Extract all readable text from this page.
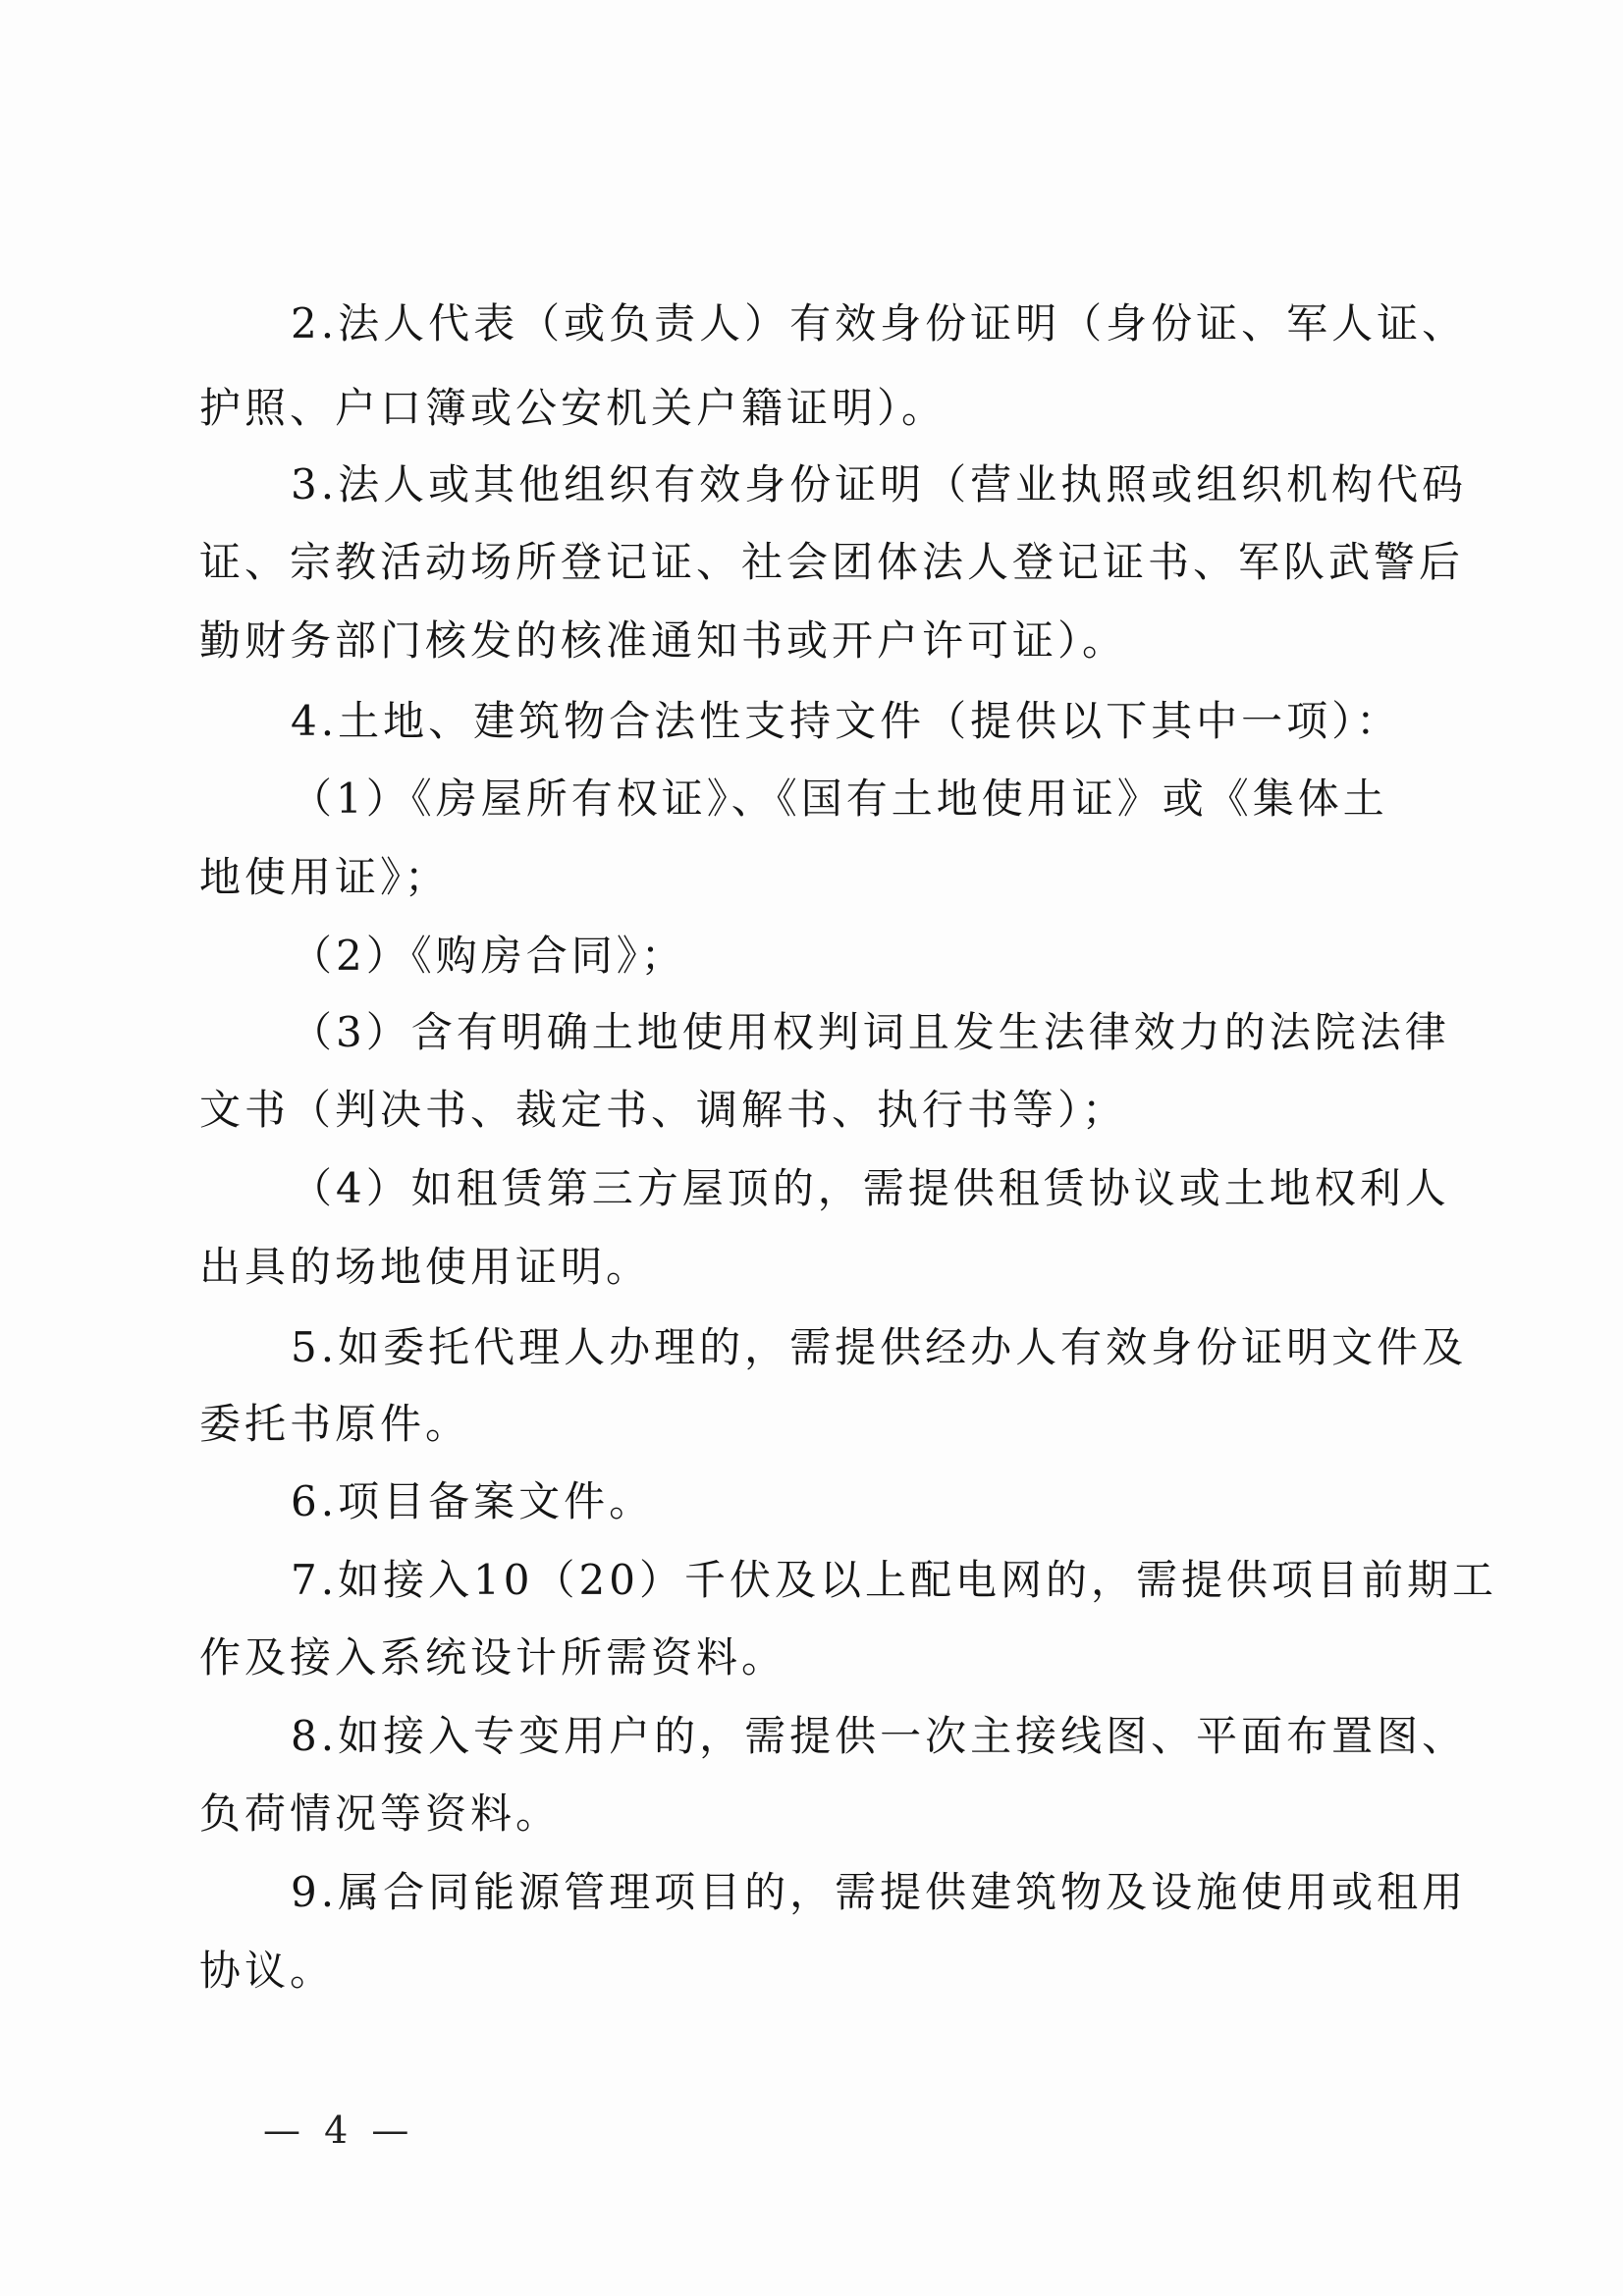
2.法人代表（或负责人）有效身份证明（身份证、军人证、
护照、户口簿或公安机关户籍证明）。
3.法人或其他组织有效身份证明（营业执照或组织机构代码
证、宗教活动场所登记证、社会团体法人登记证书、军队武警后
勤财务部门核发的核准通知书或开户许可证）。
4.土地、建筑物合法性支持文件（提供以下其中一项）：
（1）《房屋所有权证》、《国有土地使用证》或《集体土
地使用证》；
（2）《购房合同》；
（3）含有明确土地使用权判词且发生法律效力的法院法律
文书（判决书、裁定书、调解书、执行书等）；
（4）如租赁第三方屋顶的，需提供租赁协议或土地权利人
出具的场地使用证明。
5.如委托代理人办理的，需提供经办人有效身份证明文件及
委托书原件。
6.项目备案文件。
7.如接入10（20）千伏及以上配电网的，需提供项目前期工
作及接入系统设计所需资料。
8.如接入专变用户的，需提供一次主接线图、平面布置图、
负荷情况等资料。
9.属合同能源管理项目的，需提供建筑物及设施使用或租用
协议。
— 4 —
